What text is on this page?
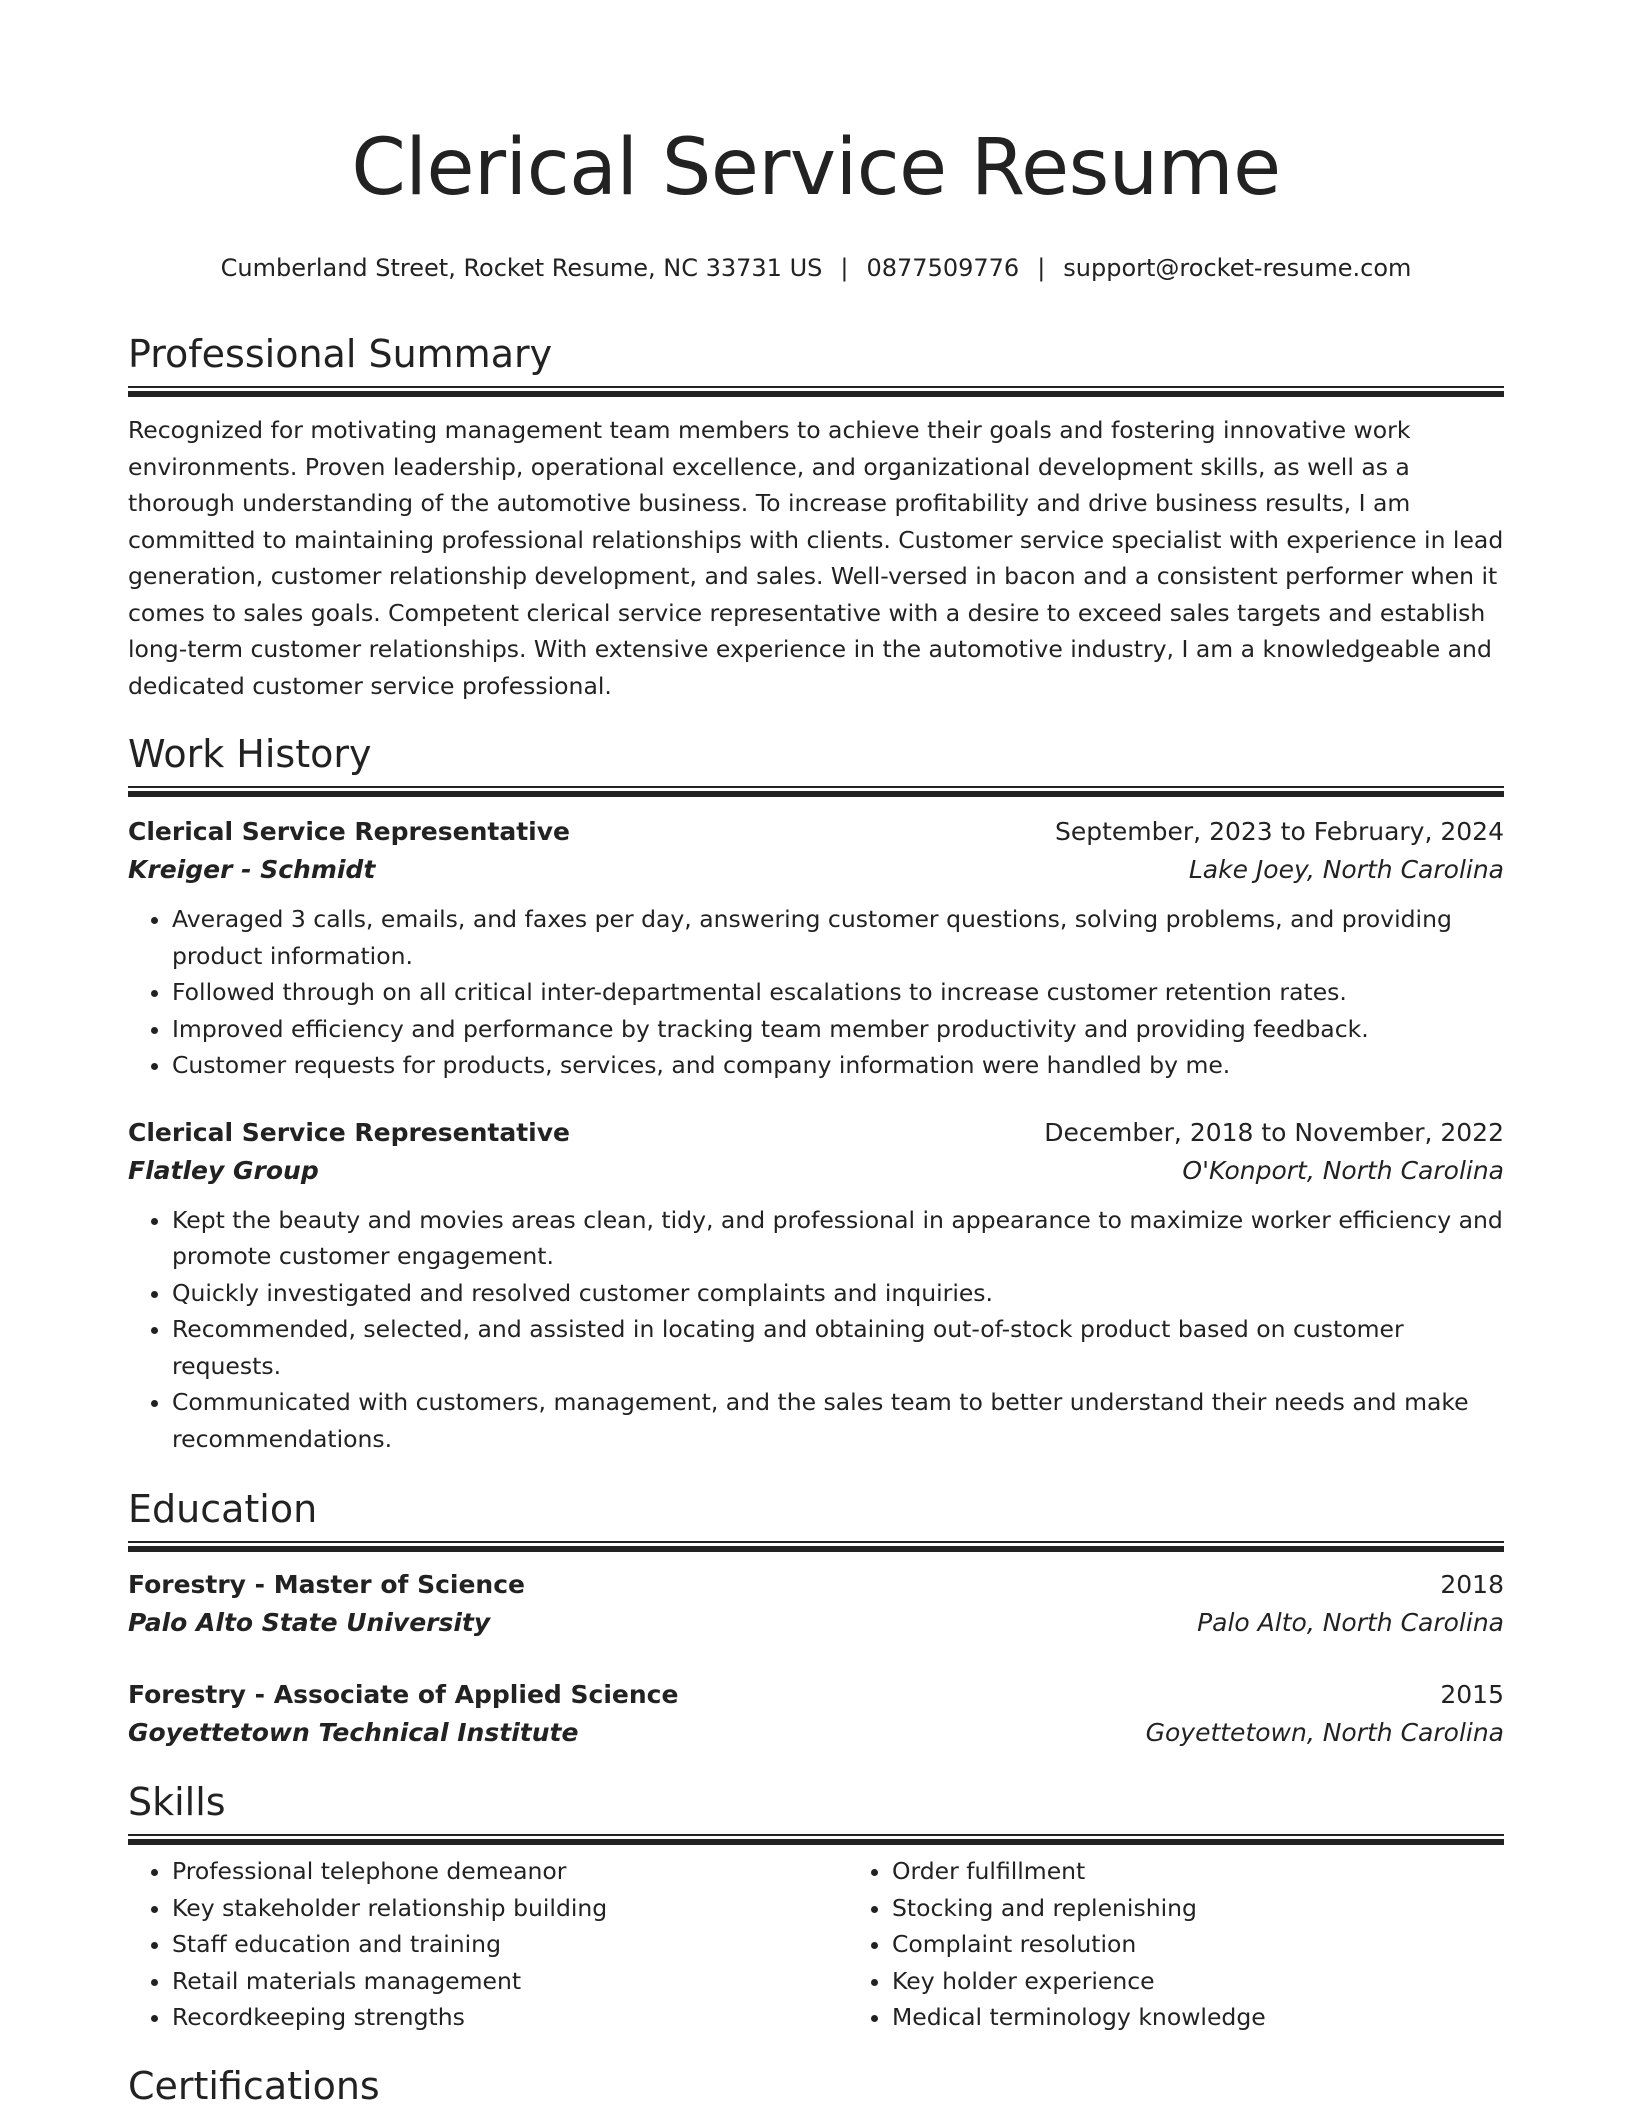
Clerical Service Resume
Cumberland Street, Rocket Resume, NC 33731 US | 0877509776 | support@rocket-resume.com
Professional Summary
Recognized for motivating management team members to achieve their goals and fostering innovative work environments. Proven leadership, operational excellence, and organizational development skills, as well as a thorough understanding of the automotive business. To increase profitability and drive business results, I am committed to maintaining professional relationships with clients. Customer service specialist with experience in lead generation, customer relationship development, and sales. Well-versed in bacon and a consistent performer when it comes to sales goals. Competent clerical service representative with a desire to exceed sales targets and establish long-term customer relationships. With extensive experience in the automotive industry, I am a knowledgeable and dedicated customer service professional.
Work History
Clerical Service Representative	September, 2023 to February, 2024
Kreiger - Schmidt	Lake Joey, North Carolina
• Averaged 3 calls, emails, and faxes per day, answering customer questions, solving problems, and providing product information.
• Followed through on all critical inter-departmental escalations to increase customer retention rates.
• Improved efficiency and performance by tracking team member productivity and providing feedback.
• Customer requests for products, services, and company information were handled by me.
Clerical Service Representative	December, 2018 to November, 2022
Flatley Group	O'Konport, North Carolina
• Kept the beauty and movies areas clean, tidy, and professional in appearance to maximize worker efficiency and promote customer engagement.
• Quickly investigated and resolved customer complaints and inquiries.
• Recommended, selected, and assisted in locating and obtaining out-of-stock product based on customer requests.
• Communicated with customers, management, and the sales team to better understand their needs and make recommendations.
Education
Forestry - Master of Science	2018
Palo Alto State University	Palo Alto, North Carolina
Forestry - Associate of Applied Science	2015
Goyettetown Technical Institute	Goyettetown, North Carolina
Skills
• Professional telephone demeanor
• Key stakeholder relationship building
• Staff education and training
• Retail materials management
• Recordkeeping strengths
• Order fulfillment
• Stocking and replenishing
• Complaint resolution
• Key holder experience
• Medical terminology knowledge
Certifications
